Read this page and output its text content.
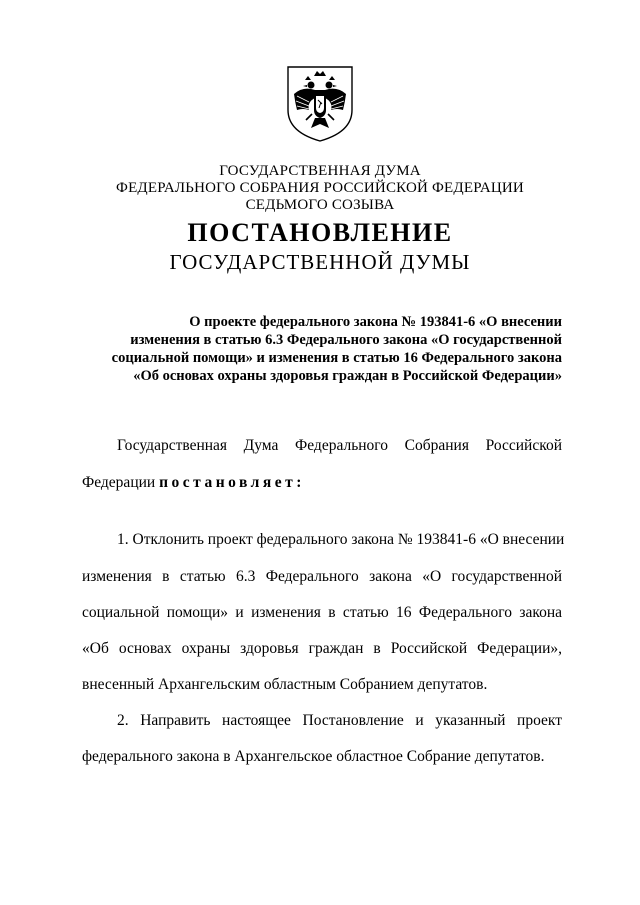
ГОСУДАРСТВЕННАЯ ДУМА
ФЕДЕРАЛЬНОГО СОБРАНИЯ РОССИЙСКОЙ ФЕДЕРАЦИИ
СЕДЬМОГО СОЗЫВА
ПОСТАНОВЛЕНИЕ
ГОСУДАРСТВЕННОЙ ДУМЫ
О проекте федерального закона № 193841-6 «О внесении
изменения в статью 6.3 Федерального закона «О государственной
социальной помощи» и изменения в статью 16 Федерального закона
«Об основах охраны здоровья граждан в Российской Федерации»
Государственная Дума Федерального Собрания Российской
Федерации постановляет:
1. Отклонить проект федерального закона № 193841-6 «О внесении
изменения в статью 6.3 Федерального закона «О государственной
социальной помощи» и изменения в статью 16 Федерального закона
«Об основах охраны здоровья граждан в Российской Федерации»,
внесенный Архангельским областным Собранием депутатов.
2. Направить настоящее Постановление и указанный проект
федерального закона в Архангельское областное Собрание депутатов.
